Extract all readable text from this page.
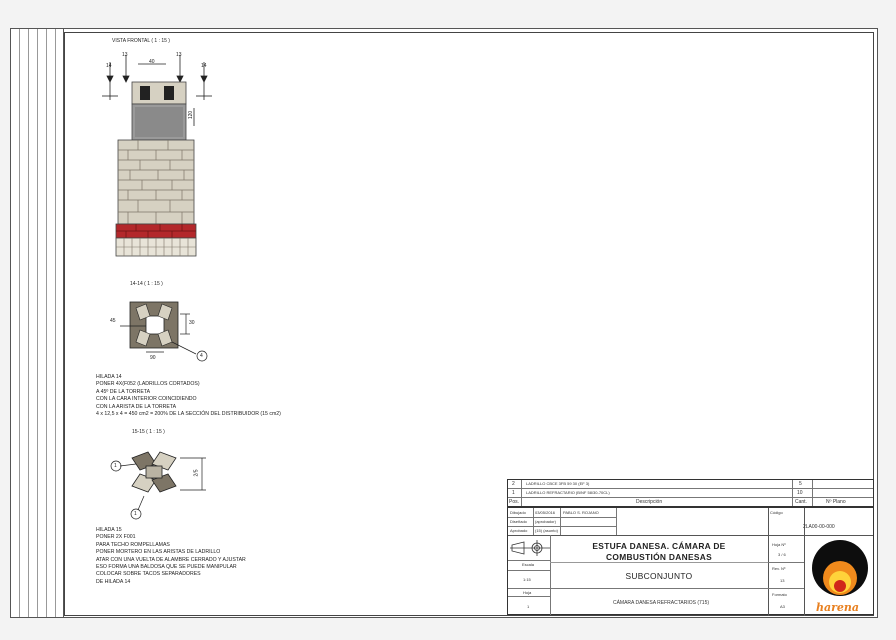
VISTA FRONTAL ( 1 : 15 )
13
40
13
14	14
120
14-14 ( 1 : 15 )
45	30
90	4
HILADA 14
PONER 4X(F052 (LADRILLOS CORTADOS)
A 45º DE LA TORRETA
CON LA CARA INTERIOR COINCIDIENDO
CON LA ARISTA DE LA TORRETA
4 x 12,5 x 4 = 450 cm2 = 200% DE LA SECCIÓN DEL DISTRIBUIDOR (15 cm2)
15-15 ( 1 : 15 )
2/5
1
1
HILADA 15
PONER 2X F001
PARA TECHO ROMPELLAMAS
PONER MORTERO EN LAS ARISTAS DE LADRILLO
ATAR CON UNA VUELTA DE ALAMBRE CERRADO Y AJUSTAR
ESO FORMA UNA BALDOSA QUE SE PUEDE MANIPULAR
COLOCAR SOBRE TACOS SEPARADORES
DE HILADA 14
2	LADRILLO CBCE 3FB 59 30 (EF 3)	5
1	LADRILLO REFRACTARIO (B/NF 58/30-70CL)	10
Pos.	Descripción	Cant.	Nº Plano
Dibujado 03/05/2016 PABLO S. ROJANO
Diseñado (aprobador)
Aprobado (15) (asunto)
Escala
1:15
Hoja
1
ESTUFA DANESA. CÁMARA DE
COMBUSTIÓN DANESAS
SUBCONJUNTO
CÁMARA DANESA REFRACTARIOS (715)
Código
2LA00-00-000
Hoja Nº
3 / 6
Rev. Nº
13
Formato
A3	harena
